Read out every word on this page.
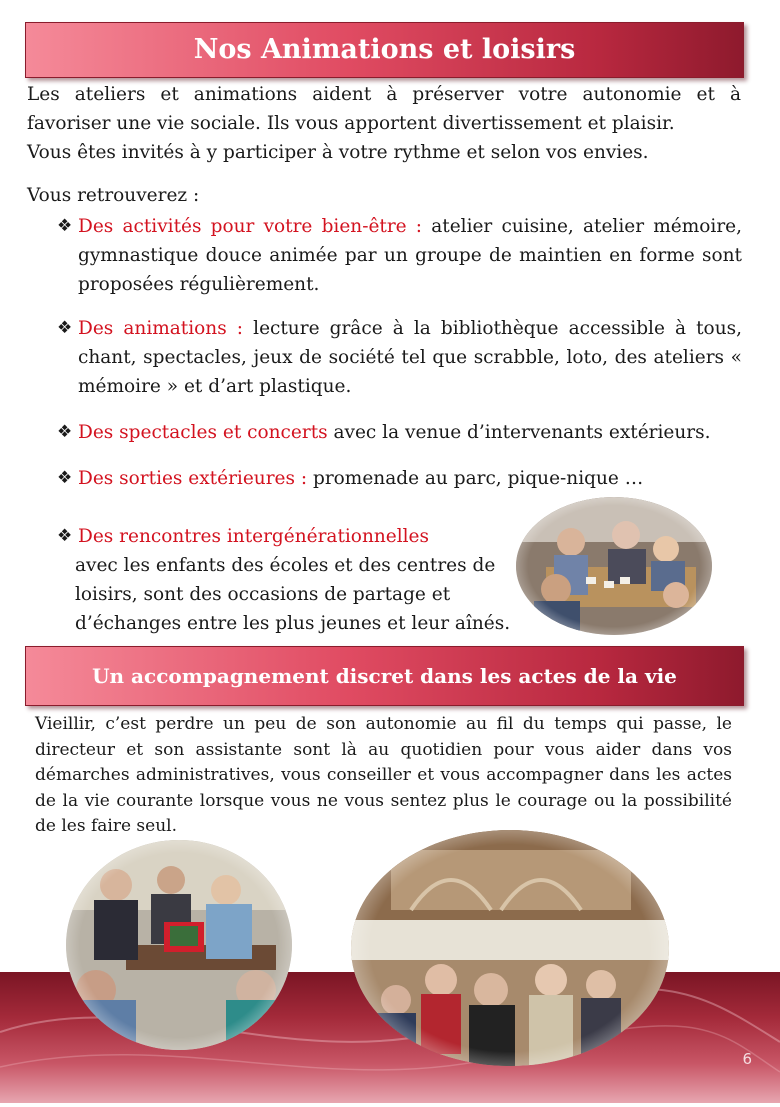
Nos Animations et loisirs

Les ateliers et animations aident à préserver votre autonomie et à

favoriser une vie sociale. Ils vous apportent divertissement et plaisir.

Vous êtes invités à y participer à votre rythme et selon vos envies.

Vous retrouverez :
❖ Des activités pour votre bien-être : atelier cuisine, atelier mémoire, gymnastique douce animée par un groupe de maintien en forme sont proposées régulièrement.
❖ Des animations : lecture grâce à la bibliothèque accessible à tous, chant, spectacles, jeux de société tel que scrabble, loto, des ateliers « mémoire » et d’art plastique.
❖ Des spectacles et concerts avec la venue d’intervenants extérieurs.
❖ Des sorties extérieures : promenade au parc, pique-nique …
❖ Des rencontres intergénérationnelles
avec les enfants des écoles et des centres de loisirs, sont des occasions de partage et d’échanges entre les plus jeunes et leur aînés.
Un accompagnement discret dans les actes de la vie
Vieillir, c’est perdre un peu de son autonomie au fil du temps qui passe, le directeur et son assistante sont là au quotidien pour vous aider dans vos démarches administratives, vous conseiller et vous accompagner dans les actes de la vie courante lorsque vous ne vous sentez plus le courage ou la possibilité de les faire seul.
6
